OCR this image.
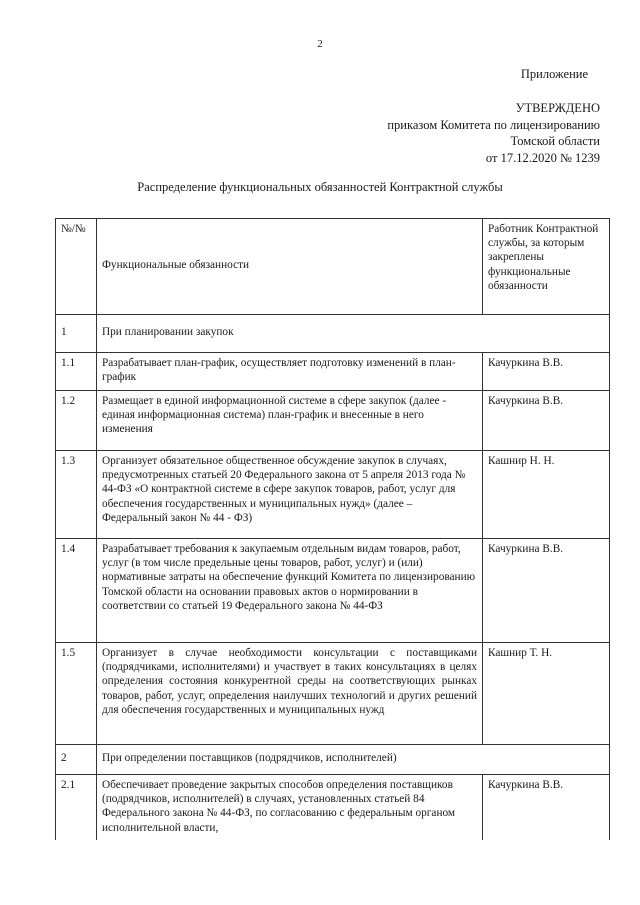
2
Приложение
УТВЕРЖДЕНО
приказом Комитета по лицензированию
Томской области
от 17.12.2020 № 1239
Распределение функциональных обязанностей Контрактной службы
№/№	Функциональные обязанности	Работник Контрактной службы, за которым закреплены функциональные обязанности
1	При планировании закупок	
1.1	Разрабатывает план-график, осуществляет подготовку изменений в план-график	Качуркина В.В.
1.2	Размещает в единой информационной системе в сфере закупок (далее - единая информационная система) план-график и внесенные в него изменения	Качуркина В.В.
1.3	Организует обязательное общественное обсуждение закупок в случаях, предусмотренных статьей 20 Федерального закона от 5 апреля 2013 года № 44-ФЗ «О контрактной системе в сфере закупок товаров, работ, услуг для обеспечения государственных и муниципальных нужд» (далее – Федеральный закон № 44 - ФЗ)	Кашнир Н. Н.
1.4	Разрабатывает требования к закупаемым отдельным видам товаров, работ, услуг (в том числе предельные цены товаров, работ, услуг) и (или) нормативные затраты на обеспечение функций Комитета по лицензированию Томской области на основании правовых актов о нормировании в соответствии со статьей 19 Федерального закона № 44-ФЗ	Качуркина В.В.
1.5	Организует в случае необходимости консультации с поставщиками (подрядчиками, исполнителями) и участвует в таких консультациях в целях определения состояния конкурентной среды на соответствующих рынках товаров, работ, услуг, определения наилучших технологий и других решений для обеспечения государственных и муниципальных нужд	Кашнир Т. Н.
2	При определении поставщиков (подрядчиков, исполнителей)	
2.1	Обеспечивает проведение закрытых способов определения поставщиков (подрядчиков, исполнителей) в случаях, установленных статьей 84 Федерального закона № 44-ФЗ, по согласованию с федеральным органом исполнительной власти,	Качуркина В.В.
